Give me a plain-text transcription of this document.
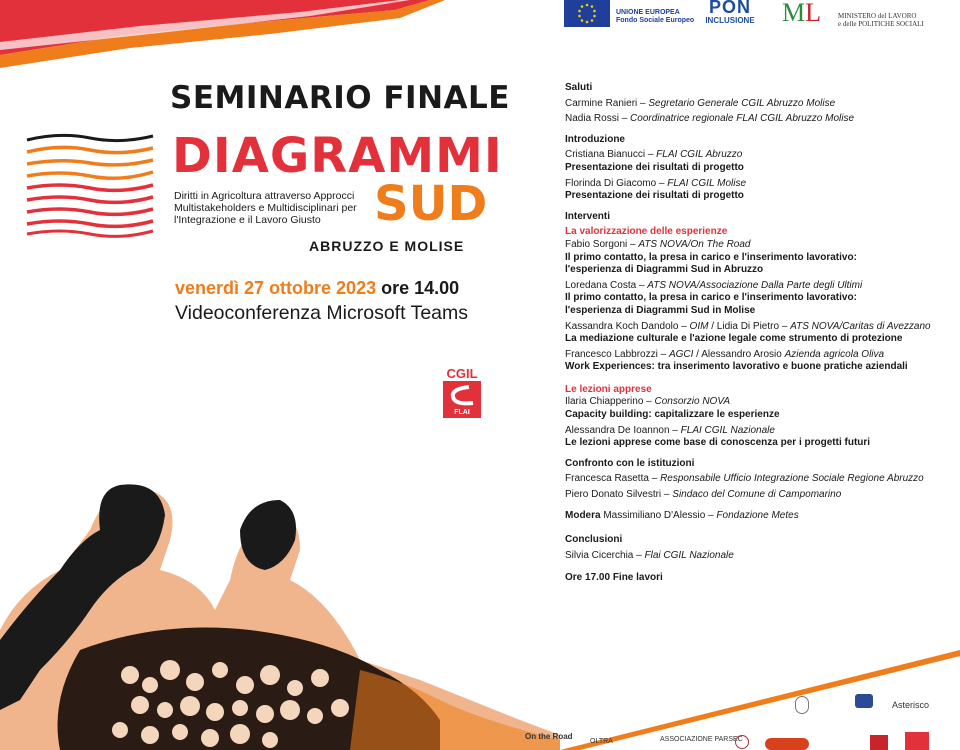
UNIONE EUROPEA
Fondo Sociale Europeo
PON
INCLUSIONE	ML MINISTERO del LAVORO
e delle POLITICHE SOCIALI
SEMINARIO FINALE
DIAGRAMMI
Diritti in Agricoltura attraverso Approcci Multistakeholders e Multidisciplinari per l'Integrazione e il Lavoro Giusto	SUD
ABRUZZO E MOLISE
venerdì 27 ottobre 2023 ore 14.00
Videoconferenza Microsoft Teams
CGIL
FLAI
On the Road
OLTRA	ASSOCIAZIONE PARSEC
Asterisco
Saluti
Carmine Ranieri – Segretario Generale CGIL Abruzzo Molise
Nadia Rossi – Coordinatrice regionale FLAI CGIL Abruzzo Molise
Introduzione
Cristiana Bianucci – FLAI CGIL Abruzzo
Presentazione dei risultati di progetto
Florinda Di Giacomo – FLAI CGIL Molise
Presentazione dei risultati di progetto
Interventi
La valorizzazione delle esperienze
Fabio Sorgoni – ATS NOVA/On The Road
Il primo contatto, la presa in carico e l'inserimento lavorativo:
l'esperienza di Diagrammi Sud in Abruzzo
Loredana Costa – ATS NOVA/Associazione Dalla Parte degli Ultimi
Il primo contatto, la presa in carico e l'inserimento lavorativo:
l'esperienza di Diagrammi Sud in Molise
Kassandra Koch Dandolo – OIM / Lidia Di Pietro – ATS NOVA/Caritas di Avezzano
La mediazione culturale e l'azione legale come strumento di protezione
Francesco Labbrozzi – AGCI / Alessandro Arosio Azienda agricola Oliva
Work Experiences: tra inserimento lavorativo e buone pratiche aziendali
Le lezioni apprese
Ilaria Chiapperino – Consorzio NOVA
Capacity building: capitalizzare le esperienze
Alessandra De Ioannon – FLAI CGIL Nazionale
Le lezioni apprese come base di conoscenza per i progetti futuri
Confronto con le istituzioni
Francesca Rasetta – Responsabile Ufficio Integrazione Sociale Regione Abruzzo
Piero Donato Silvestri – Sindaco del Comune di Campomarino
Modera Massimiliano D'Alessio – Fondazione Metes
Conclusioni
Silvia Cicerchia – Flai CGIL Nazionale
Ore 17.00 Fine lavori
